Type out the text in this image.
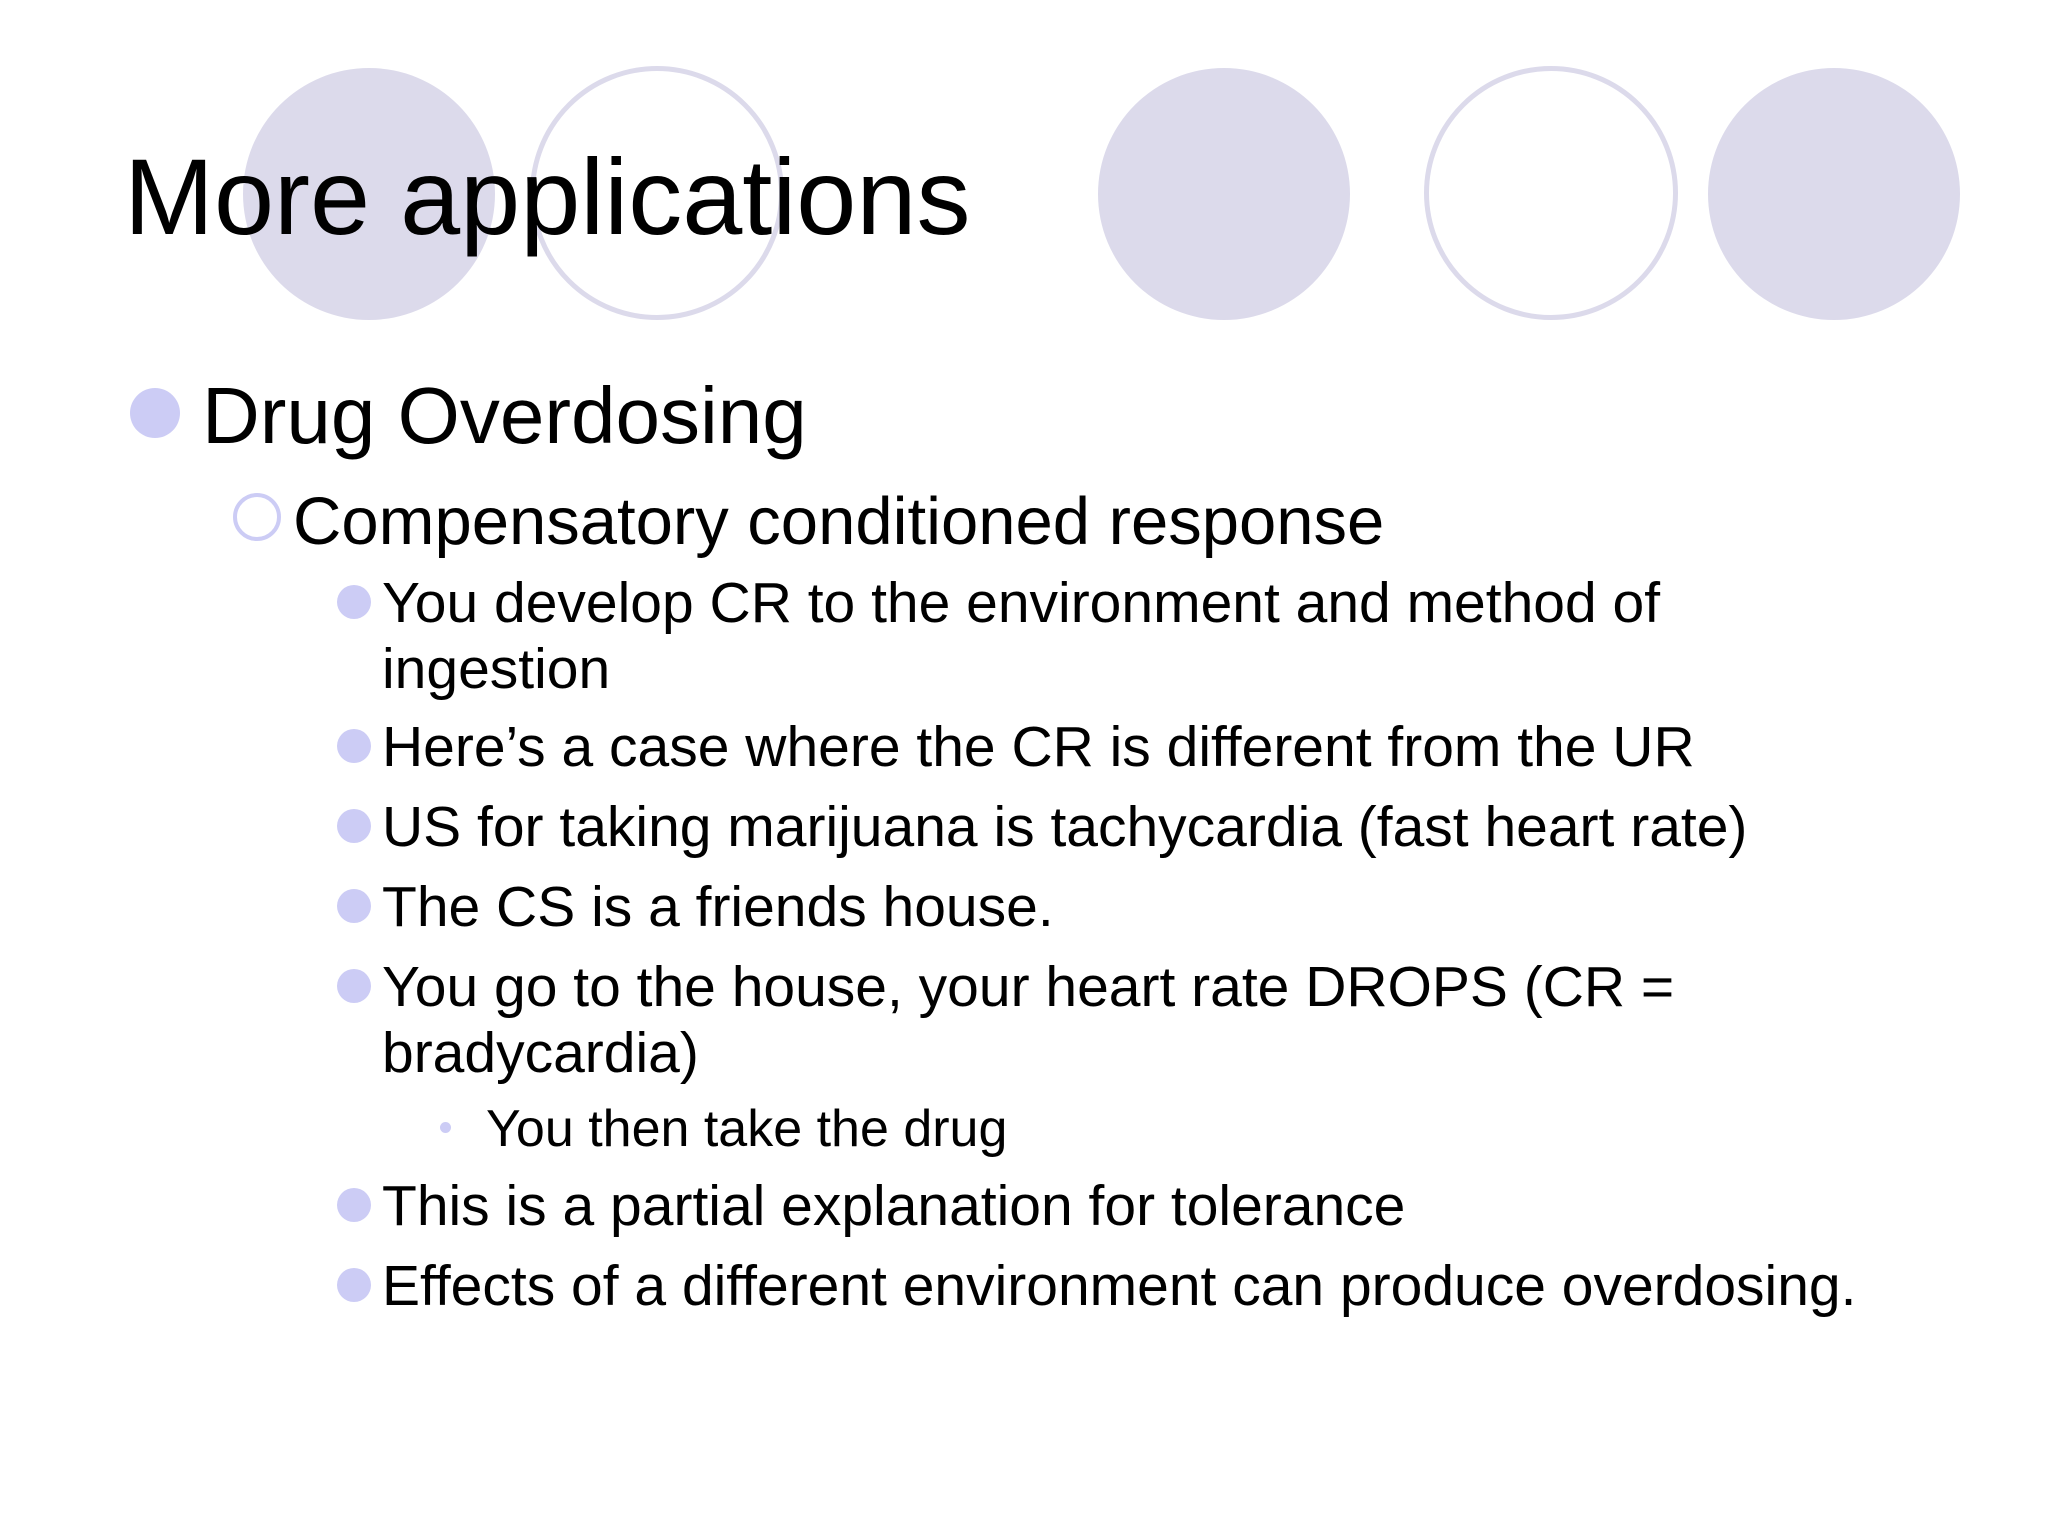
More applications
Drug Overdosing
Compensatory conditioned response
You develop CR to the environment and method of ingestion
Here’s a case where the CR is different from the UR
US for taking marijuana is tachycardia (fast heart rate)
The CS is a friends house.
You go to the house, your heart rate DROPS (CR = bradycardia)
You then take the drug
This is a partial explanation for tolerance
Effects of a different environment can produce overdosing.
